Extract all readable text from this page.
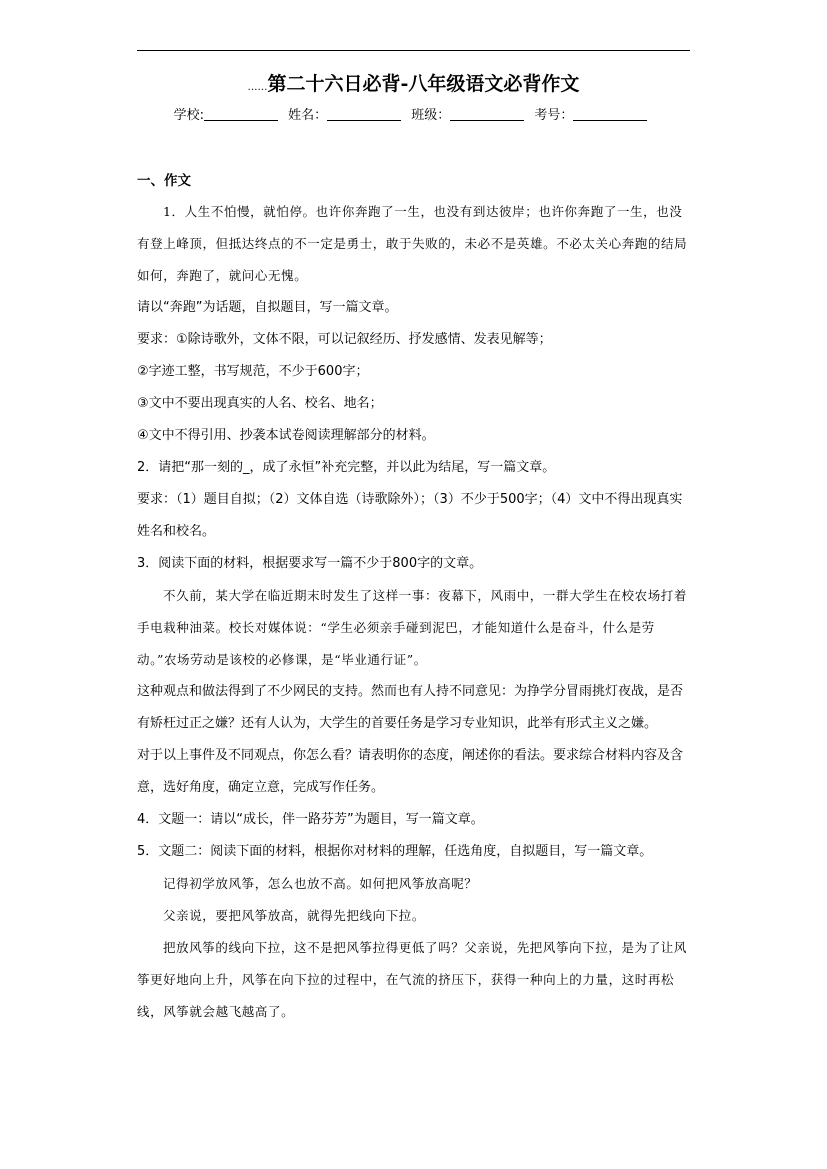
……第二十六日必背-八年级语文必背作文
学校:	姓名：	班级：	考号：

一、作文

1．人生不怕慢，就怕停。也许你奔跑了一生，也没有到达彼岸；也许你奔跑了一生，也没有登上峰顶，但抵达终点的不一定是勇士，敢于失败的，未必不是英雄。不必太关心奔跑的结局如何，奔跑了，就问心无愧。

请以“奔跑”为话题，自拟题目，写一篇文章。

要求：①除诗歌外，文体不限，可以记叙经历、抒发感情、发表见解等；

②字迹工整，书写规范，不少于600字；

③文中不要出现真实的人名、校名、地名；

④文中不得引用、抄袭本试卷阅读理解部分的材料。

2．请把“那一刻的_，成了永恒”补充完整，并以此为结尾，写一篇文章。

要求：（1）题目自拟；（2）文体自选（诗歌除外）；（3）不少于500字；（4）文中不得出现真实姓名和校名。

3．阅读下面的材料，根据要求写一篇不少于800字的文章。

不久前，某大学在临近期末时发生了这样一事：夜幕下，风雨中，一群大学生在校农场打着手电栽种油菜。校长对媒体说：“学生必须亲手碰到泥巴，才能知道什么是奋斗，什么是劳动。”农场劳动是该校的必修课，是“毕业通行证”。

这种观点和做法得到了不少网民的支持。然而也有人持不同意见：为挣学分冒雨挑灯夜战，是否有矫枉过正之嫌？还有人认为，大学生的首要任务是学习专业知识，此举有形式主义之嫌。

对于以上事件及不同观点，你怎么看？请表明你的态度，阐述你的看法。要求综合材料内容及含意，选好角度，确定立意，完成写作任务。

4．文题一：请以“成长，伴一路芬芳”为题目，写一篇文章。

5．文题二：阅读下面的材料，根据你对材料的理解，任选角度，自拟题目，写一篇文章。

记得初学放风筝，怎么也放不高。如何把风筝放高呢？

父亲说，要把风筝放高，就得先把线向下拉。

把放风筝的线向下拉，这不是把风筝拉得更低了吗？父亲说，先把风筝向下拉，是为了让风筝更好地向上升，风筝在向下拉的过程中，在气流的挤压下，获得一种向上的力量，这时再松线，风筝就会越飞越高了。
